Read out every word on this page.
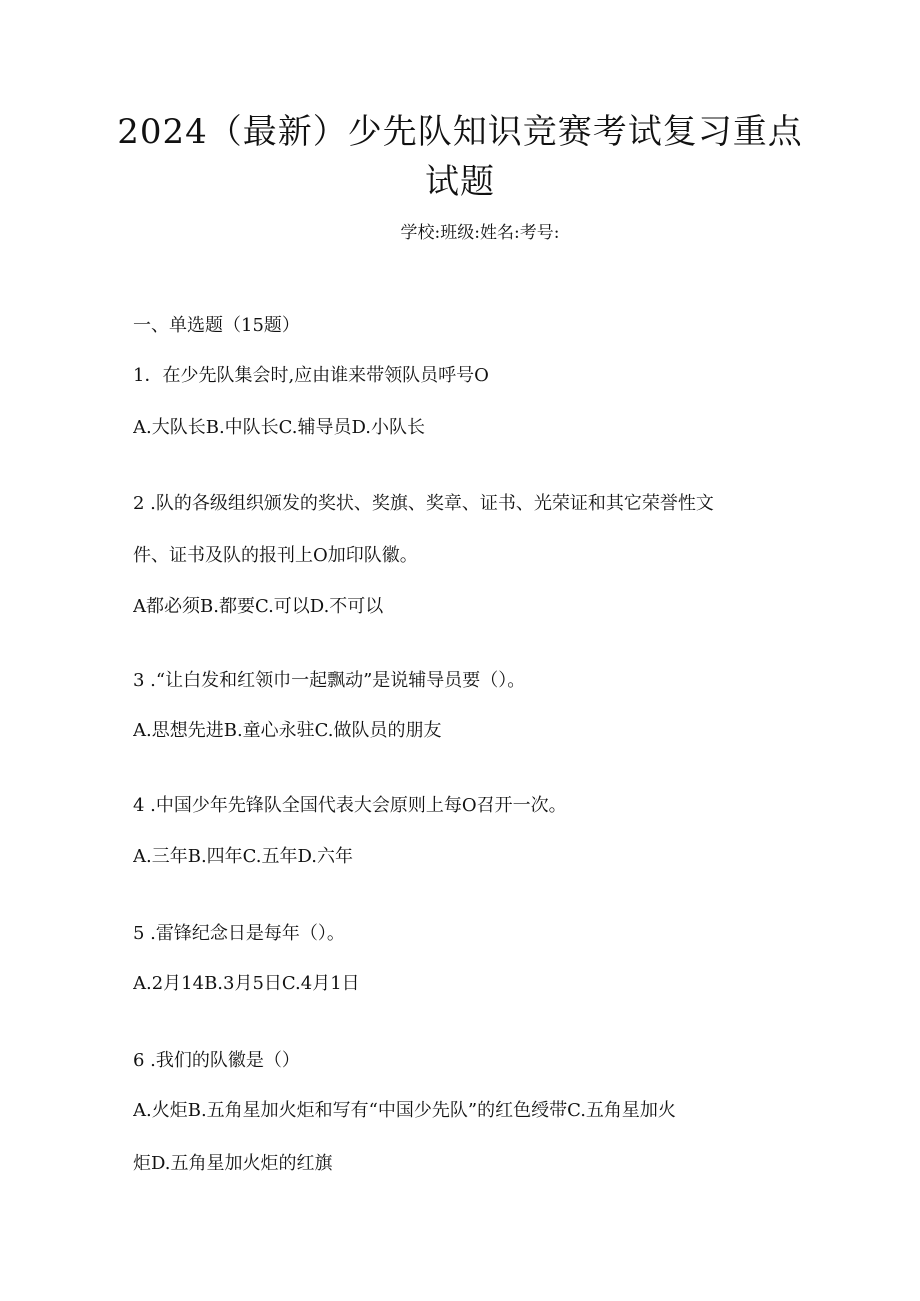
2024（最新）少先队知识竞赛考试复习重点
试题
学校:班级:姓名:考号:
一、单选题（15题）
1．在少先队集会时,应由谁来带领队员呼号O
A.大队长B.中队长C.辅导员D.小队长
2 .队的各级组织颁发的奖状、奖旗、奖章、证书、光荣证和其它荣誉性文
件、证书及队的报刊上O加印队徽。
A都必须B.都要C.可以D.不可以
3 .“让白发和红领巾一起飘动”是说辅导员要（）。
A.思想先进B.童心永驻C.做队员的朋友
4 .中国少年先锋队全国代表大会原则上每O召开一次。
A.三年B.四年C.五年D.六年
5 .雷锋纪念日是每年（）。
A.2月14B.3月5日C.4月1日
6 .我们的队徽是（）
A.火炬B.五角星加火炬和写有“中国少先队”的红色绶带C.五角星加火
炬D.五角星加火炬的红旗
